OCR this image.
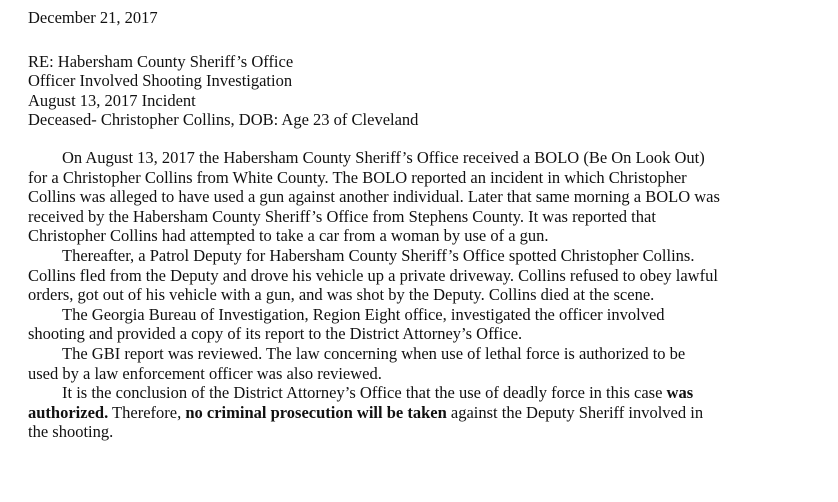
December 21, 2017
RE: Habersham County Sheriff’s Office
Officer Involved Shooting Investigation
August 13, 2017 Incident
Deceased- Christopher Collins, DOB: Age 23 of Cleveland
On August 13, 2017 the Habersham County Sheriff’s Office received a BOLO (Be On Look Out)
for a Christopher Collins from White County. The BOLO reported an incident in which Christopher
Collins was alleged to have used a gun against another individual. Later that same morning a BOLO was
received by the Habersham County Sheriff’s Office from Stephens County. It was reported that
Christopher Collins had attempted to take a car from a woman by use of a gun.
Thereafter, a Patrol Deputy for Habersham County Sheriff’s Office spotted Christopher Collins.
Collins fled from the Deputy and drove his vehicle up a private driveway. Collins refused to obey lawful
orders, got out of his vehicle with a gun, and was shot by the Deputy. Collins died at the scene.
The Georgia Bureau of Investigation, Region Eight office, investigated the officer involved
shooting and provided a copy of its report to the District Attorney’s Office.
The GBI report was reviewed. The law concerning when use of lethal force is authorized to be
used by a law enforcement officer was also reviewed.
It is the conclusion of the District Attorney’s Office that the use of deadly force in this case was
authorized. Therefore, no criminal prosecution will be taken against the Deputy Sheriff involved in
the shooting.
